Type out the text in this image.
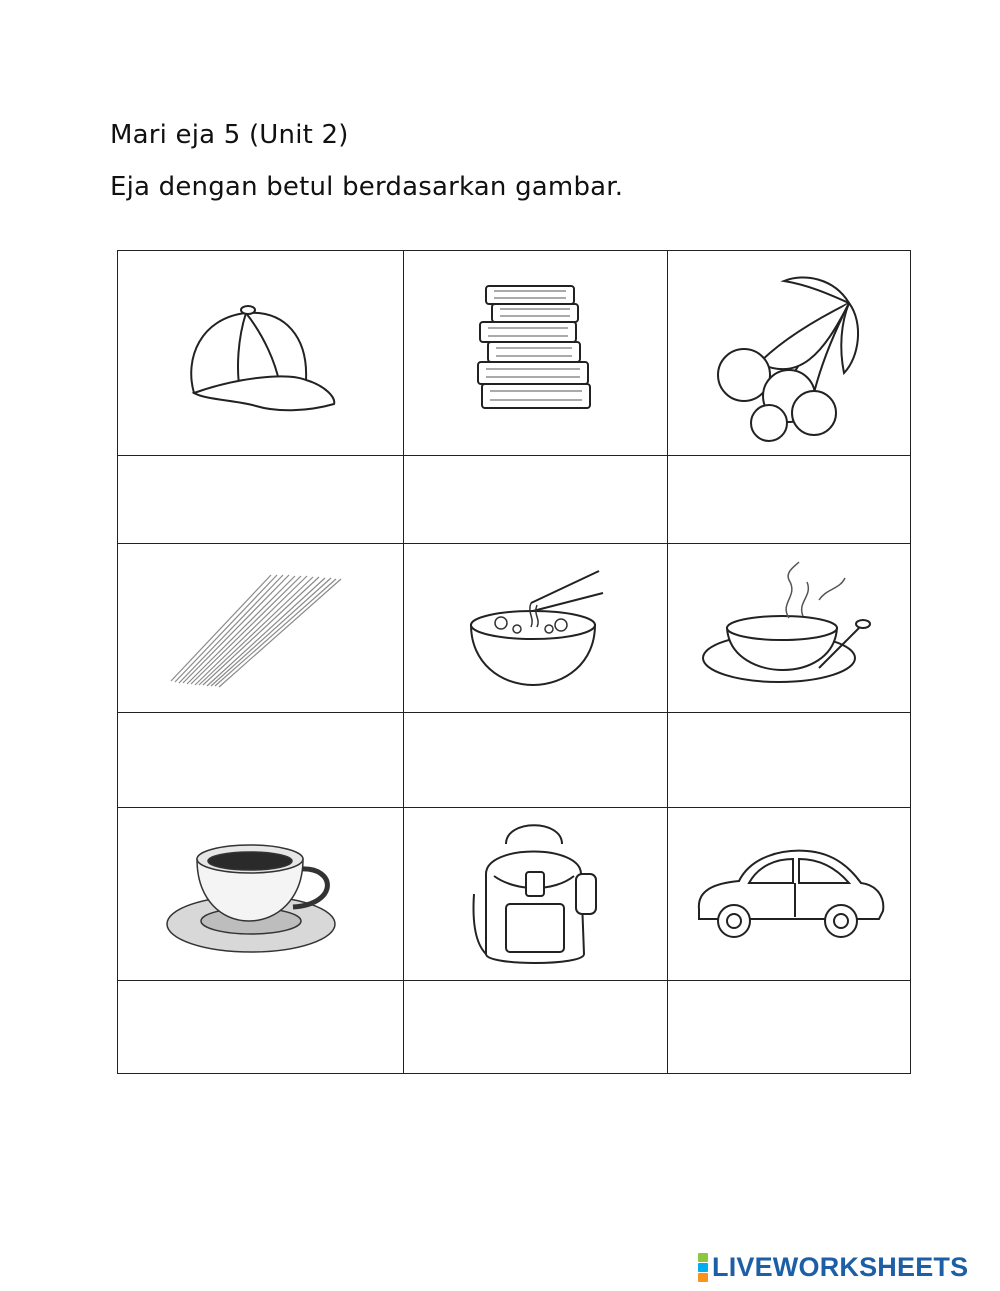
Mari eja 5 (Unit 2)
Eja dengan betul berdasarkan gambar.

LIVEWORKSHEETS
